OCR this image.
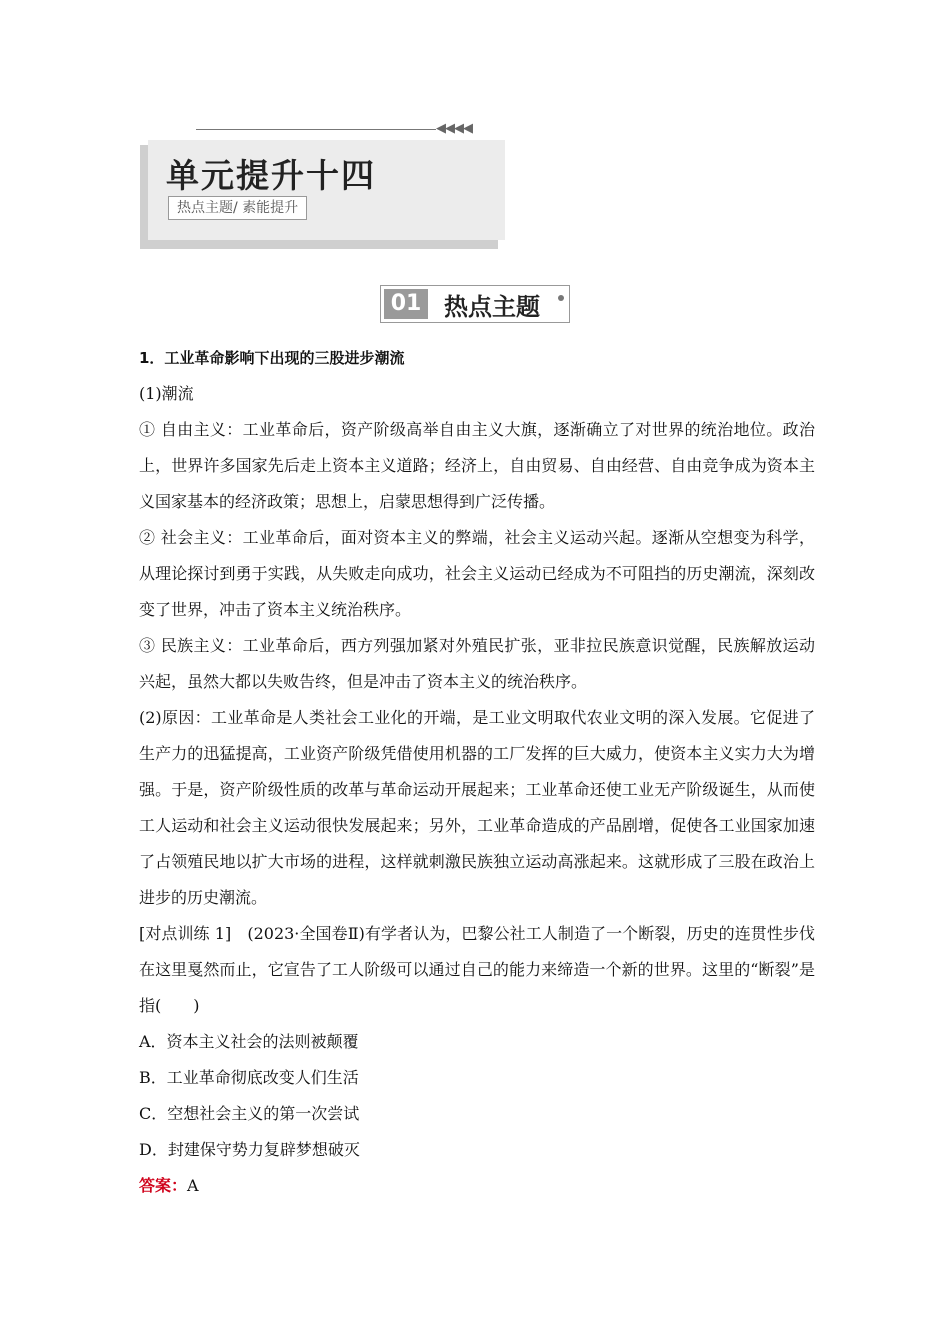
◀◀◀◀
单元提升十四
热点主题/ 素能提升
01 热点主题

1．工业革命影响下出现的三股进步潮流

(1)潮流

① 自由主义：工业革命后，资产阶级高举自由主义大旗，逐渐确立了对世界的统治地位。政治上，世界许多国家先后走上资本主义道路；经济上，自由贸易、自由经营、自由竞争成为资本主义国家基本的经济政策；思想上，启蒙思想得到广泛传播。

② 社会主义：工业革命后，面对资本主义的弊端，社会主义运动兴起。逐渐从空想变为科学，从理论探讨到勇于实践，从失败走向成功，社会主义运动已经成为不可阻挡的历史潮流，深刻改变了世界，冲击了资本主义统治秩序。

③ 民族主义：工业革命后，西方列强加紧对外殖民扩张，亚非拉民族意识觉醒，民族解放运动兴起，虽然大都以失败告终，但是冲击了资本主义的统治秩序。

(2)原因：工业革命是人类社会工业化的开端，是工业文明取代农业文明的深入发展。它促进了生产力的迅猛提高，工业资产阶级凭借使用机器的工厂发挥的巨大威力，使资本主义实力大为增强。于是，资产阶级性质的改革与革命运动开展起来；工业革命还使工业无产阶级诞生，从而使工人运动和社会主义运动很快发展起来；另外，工业革命造成的产品剧增，促使各工业国家加速了占领殖民地以扩大市场的进程，这样就刺激民族独立运动高涨起来。这就形成了三股在政治上进步的历史潮流。

[对点训练 1]　(2023·全国卷Ⅱ)有学者认为，巴黎公社工人制造了一个断裂，历史的连贯性步伐在这里戛然而止，它宣告了工人阶级可以通过自己的能力来缔造一个新的世界。这里的“断裂”是指(　　)

A．资本主义社会的法则被颠覆

B．工业革命彻底改变人们生活

C．空想社会主义的第一次尝试

D．封建保守势力复辟梦想破灭

答案：A
